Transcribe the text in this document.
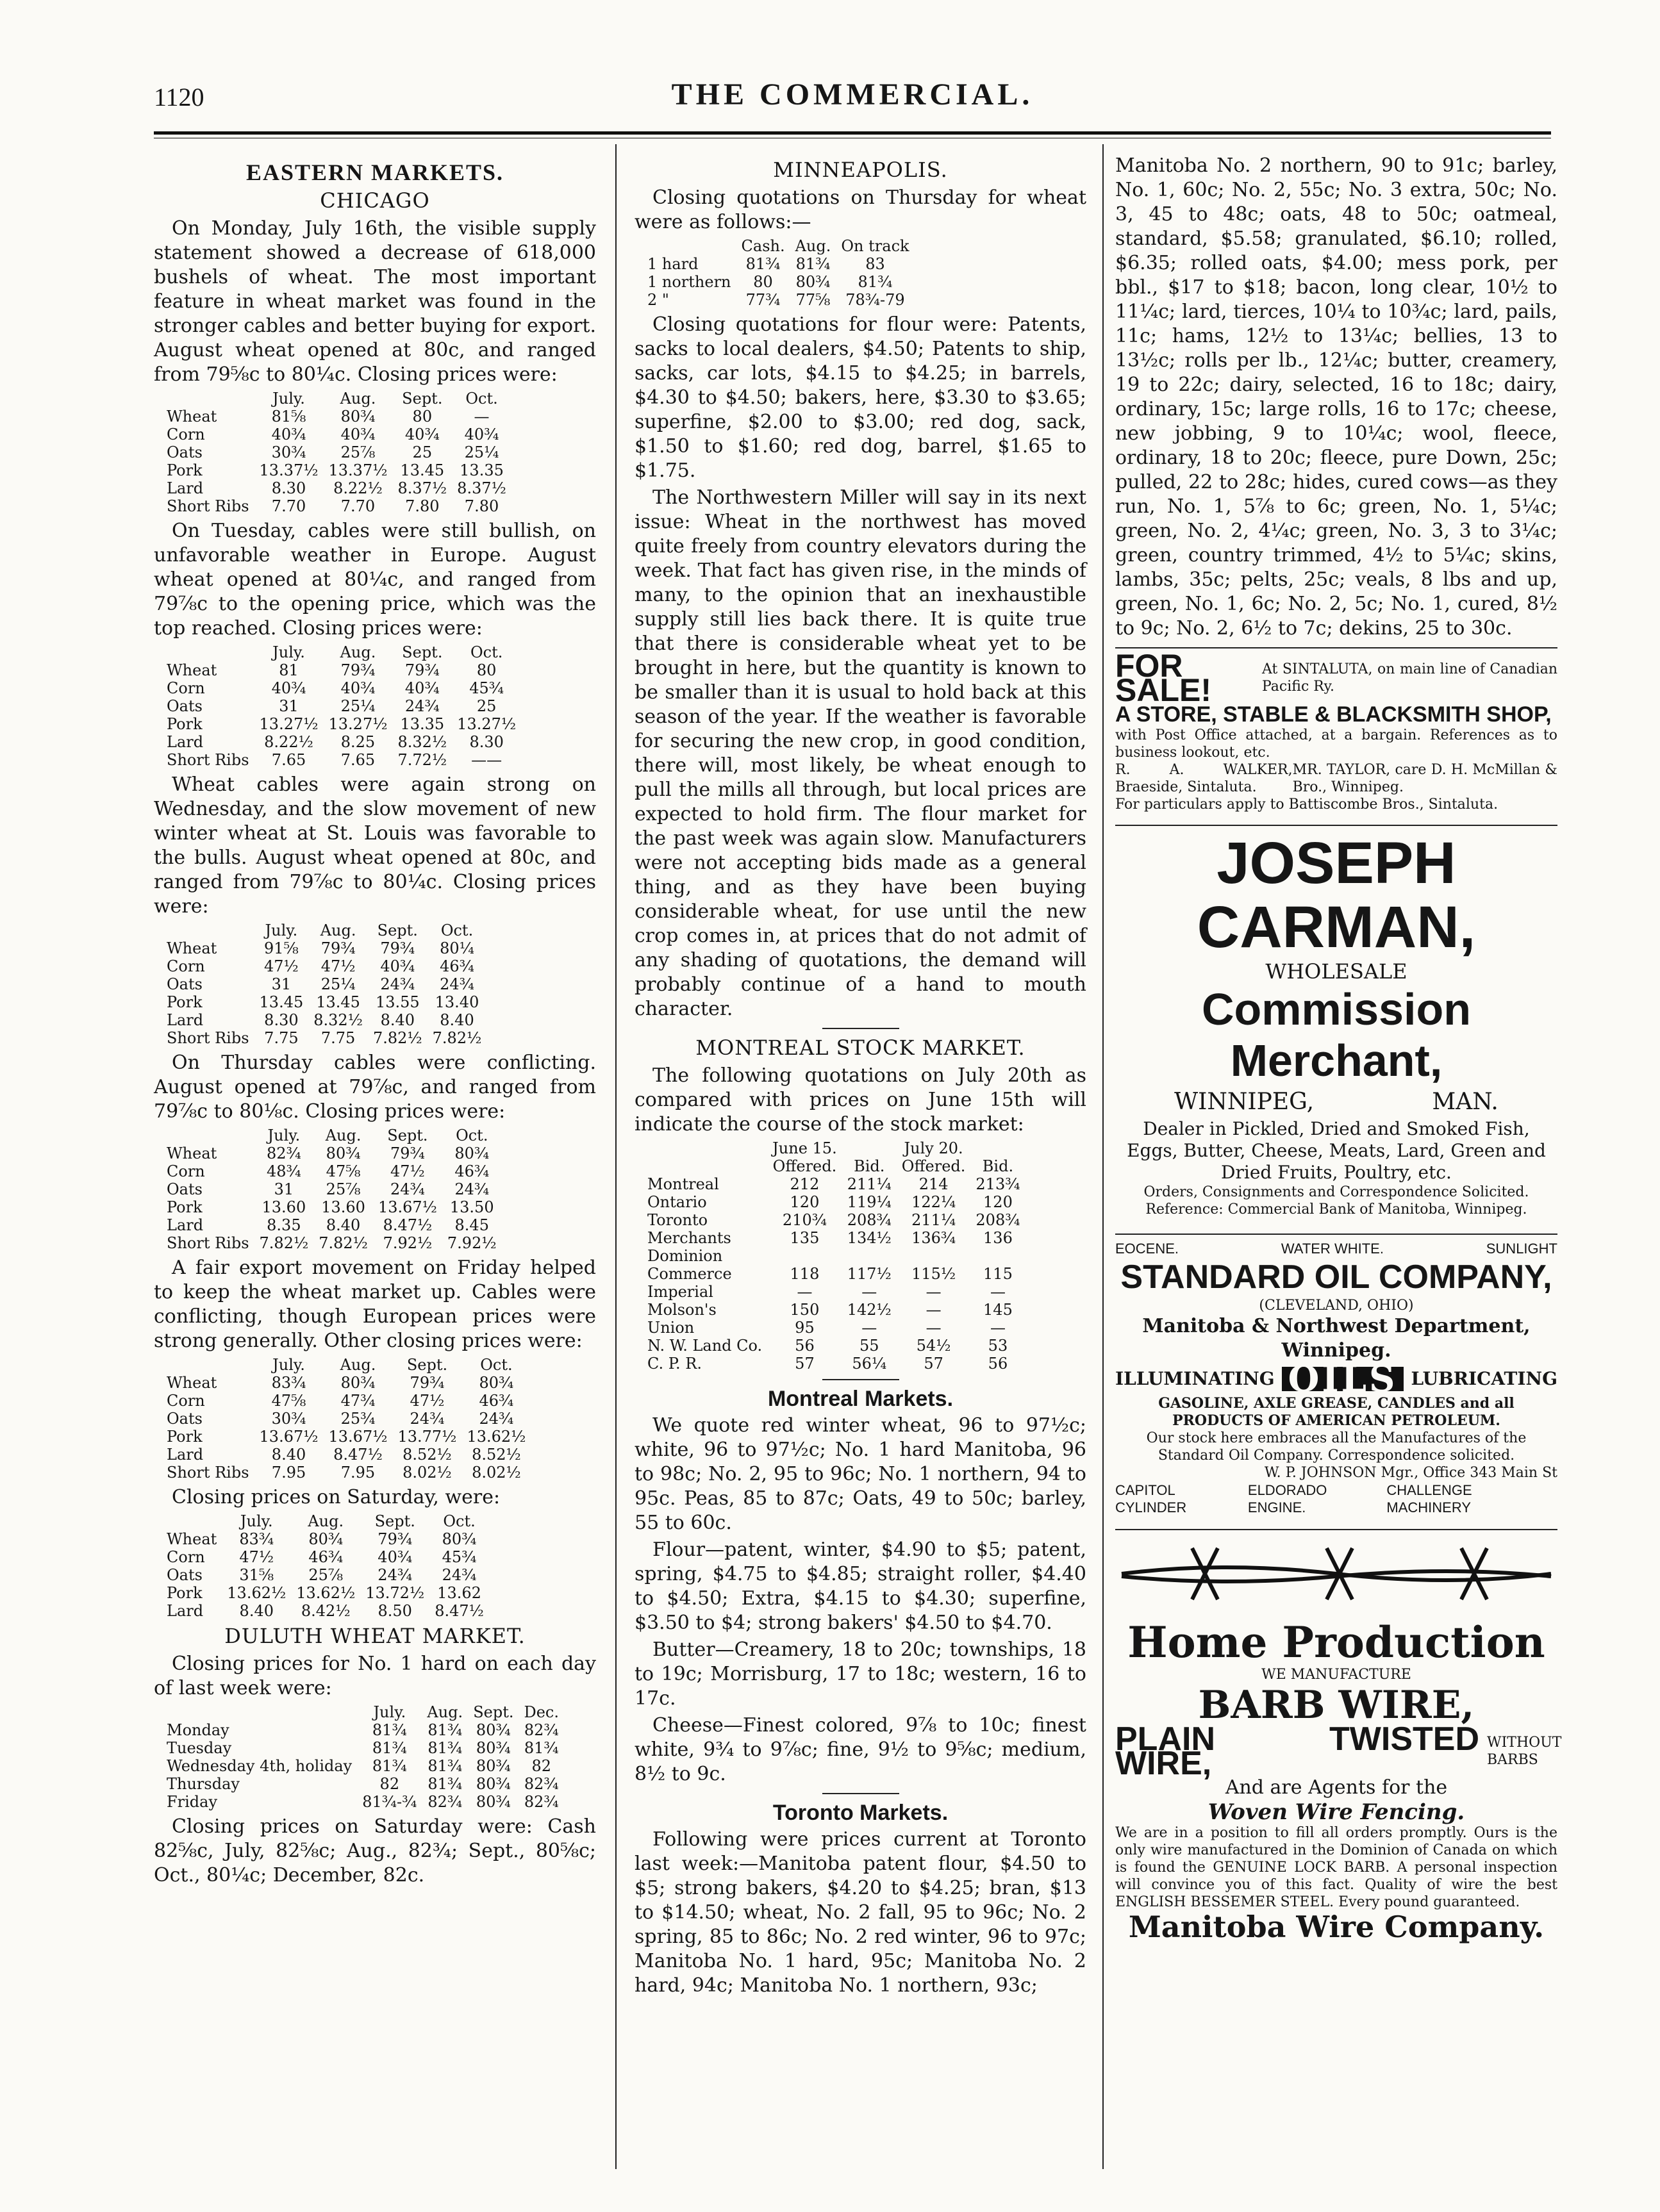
1120	THE COMMERCIAL.
EASTERN MARKETS.
CHICAGO

On Monday, July 16th, the visible supply statement showed a decrease of 618,000 bushels of wheat. The most important feature in wheat market was found in the stronger cables and better buying for export. August wheat opened at 80c, and ranged from 79⅝c to 80¼c. Closing prices were:

	July.	Aug.	Sept.	Oct.
Wheat	81⅝	80¾	80	—
Corn	40¾	40¾	40¾	40¾
Oats	30¾	25⅞	25	25¼
Pork	13.37½	13.37½	13.45	13.35
Lard	8.30	8.22½	8.37½	8.37½
Short Ribs	7.70	7.70	7.80	7.80

On Tuesday, cables were still bullish, on unfavorable weather in Europe. August wheat opened at 80¼c, and ranged from 79⅞c to the opening price, which was the top reached. Closing prices were:

	July.	Aug.	Sept.	Oct.
Wheat	81	79¾	79¾	80
Corn	40¾	40¾	40¾	45¾
Oats	31	25¼	24¾	25
Pork	13.27½	13.27½	13.35	13.27½
Lard	8.22½	8.25	8.32½	8.30
Short Ribs	7.65	7.65	7.72½	——

Wheat cables were again strong on Wednesday, and the slow movement of new winter wheat at St. Louis was favorable to the bulls. August wheat opened at 80c, and ranged from 79⅞c to 80¼c. Closing prices were:

	July.	Aug.	Sept.	Oct.
Wheat	91⅝	79¾	79¾	80¼
Corn	47½	47½	40¾	46¾
Oats	31	25¼	24¾	24¾
Pork	13.45	13.45	13.55	13.40
Lard	8.30	8.32½	8.40	8.40
Short Ribs	7.75	7.75	7.82½	7.82½

On Thursday cables were conflicting. August opened at 79⅞c, and ranged from 79⅞c to 80⅛c. Closing prices were:

	July.	Aug.	Sept.	Oct.
Wheat	82¾	80¾	79¾	80¾
Corn	48¾	47⅝	47½	46¾
Oats	31	25⅞	24¾	24¾
Pork	13.60	13.60	13.67½	13.50
Lard	8.35	8.40	8.47½	8.45
Short Ribs	7.82½	7.82½	7.92½	7.92½

A fair export movement on Friday helped to keep the wheat market up. Cables were conflicting, though European prices were strong generally. Other closing prices were:

	July.	Aug.	Sept.	Oct.
Wheat	83¾	80¾	79¾	80¾
Corn	47⅝	47¾	47½	46¾
Oats	30¾	25¾	24¾	24¾
Pork	13.67½	13.67½	13.77½	13.62½
Lard	8.40	8.47½	8.52½	8.52½
Short Ribs	7.95	7.95	8.02½	8.02½

Closing prices on Saturday, were:

	July.	Aug.	Sept.	Oct.
Wheat	83¾	80¾	79¾	80¾
Corn	47½	46¾	40¾	45¾
Oats	31⅝	25⅞	24¾	24¾
Pork	13.62½	13.62½	13.72½	13.62
Lard	8.40	8.42½	8.50	8.47½
DULUTH WHEAT MARKET.

Closing prices for No. 1 hard on each day of last week were:

	July.	Aug.	Sept.	Dec.
Monday	81¾	81¾	80¾	82¾
Tuesday	81¾	81¾	80¾	81¾
Wednesday 4th, holiday	81¾	81¾	80¾	82
Thursday	82	81¾	80¾	82¾
Friday	81¾-¾	82¾	80¾	82¾

Closing prices on Saturday were: Cash 82⅝c, July, 82⅝c; Aug., 82¾; Sept., 80⅝c; Oct., 80¼c; December, 82c.

MINNEAPOLIS.

Closing quotations on Thursday for wheat were as follows:—

	Cash.	Aug.	On track
1 hard	81¾	81¾	83
1 northern	80	80¾	81¾
2 "	77¾	77⅝	78¾-79

Closing quotations for flour were: Patents, sacks to local dealers, $4.50; Patents to ship, sacks, car lots, $4.15 to $4.25; in barrels, $4.30 to $4.50; bakers, here, $3.30 to $3.65; superfine, $2.00 to $3.00; red dog, sack, $1.50 to $1.60; red dog, barrel, $1.65 to $1.75.

The Northwestern Miller will say in its next issue: Wheat in the northwest has moved quite freely from country elevators during the week. That fact has given rise, in the minds of many, to the opinion that an inexhaustible supply still lies back there. It is quite true that there is considerable wheat yet to be brought in here, but the quantity is known to be smaller than it is usual to hold back at this season of the year. If the weather is favorable for securing the new crop, in good condition, there will, most likely, be wheat enough to pull the mills all through, but local prices are expected to hold firm. The flour market for the past week was again slow. Manufacturers were not accepting bids made as a general thing, and as they have been buying considerable wheat, for use until the new crop comes in, at prices that do not admit of any shading of quotations, the demand will probably continue of a hand to mouth character.

MONTREAL STOCK MARKET.

The following quotations on July 20th as compared with prices on June 15th will indicate the course of the stock market:

	June 15.		July 20.	
	Offered.	Bid.	Offered.	Bid.
Montreal	212	211¼	214	213¾
Ontario	120	119¼	122¼	120
Toronto	210¾	208¾	211¼	208¾
Merchants	135	134½	136¾	136
Dominion				
Commerce	118	117½	115½	115
Imperial	—	—	—	—
Molson's	150	142½	—	145
Union	95	—	—	—
N. W. Land Co.	56	55	54½	53
C. P. R.	57	56¼	57	56
Montreal Markets.

We quote red winter wheat, 96 to 97½c; white, 96 to 97½c; No. 1 hard Manitoba, 96 to 98c; No. 2, 95 to 96c; No. 1 northern, 94 to 95c. Peas, 85 to 87c; Oats, 49 to 50c; barley, 55 to 60c.

Flour—patent, winter, $4.90 to $5; patent, spring, $4.75 to $4.85; straight roller, $4.40 to $4.50; Extra, $4.15 to $4.30; superfine, $3.50 to $4; strong bakers' $4.50 to $4.70.

Butter—Creamery, 18 to 20c; townships, 18 to 19c; Morrisburg, 17 to 18c; western, 16 to 17c.

Cheese—Finest colored, 9⅞ to 10c; finest white, 9¾ to 9⅞c; fine, 9½ to 9⅝c; medium, 8½ to 9c.

Toronto Markets.

Following were prices current at Toronto last week:—Manitoba patent flour, $4.50 to $5; strong bakers, $4.20 to $4.25; bran, $13 to $14.50; wheat, No. 2 fall, 95 to 96c; No. 2 spring, 85 to 86c; No. 2 red winter, 96 to 97c; Manitoba No. 1 hard, 95c; Manitoba No. 2 hard, 94c; Manitoba No. 1 northern, 93c;

Manitoba No. 2 northern, 90 to 91c; barley, No. 1, 60c; No. 2, 55c; No. 3 extra, 50c; No. 3, 45 to 48c; oats, 48 to 50c; oatmeal, standard, $5.58; granulated, $6.10; rolled, $6.35; rolled oats, $4.00; mess pork, per bbl., $17 to $18; bacon, long clear, 10½ to 11¼c; lard, tierces, 10¼ to 10¾c; lard, pails, 11c; hams, 12½ to 13¼c; bellies, 13 to 13½c; rolls per lb., 12¼c; butter, creamery, 19 to 22c; dairy, selected, 16 to 18c; dairy, ordinary, 15c; large rolls, 16 to 17c; cheese, new jobbing, 9 to 10¼c; wool, fleece, ordinary, 18 to 20c; fleece, pure Down, 25c; pulled, 22 to 28c; hides, cured cows—as they run, No. 1, 5⅞ to 6c; green, No. 1, 5¼c; green, No. 2, 4¼c; green, No. 3, 3 to 3¼c; green, country trimmed, 4½ to 5¼c; skins, lambs, 35c; pelts, 25c; veals, 8 lbs and up, green, No. 1, 6c; No. 2, 5c; No. 1, cured, 8½ to 9c; No. 2, 6½ to 7c; dekins, 25 to 30c.

FOR SALE!
At SINTALUTA, on main line of Canadian Pacific Ry.
A STORE, STABLE & BLACKSMITH SHOP,
with Post Office attached, at a bargain. References as to business lookout, etc.
R. A. WALKER, Braeside, Sintaluta.
MR. TAYLOR, care D. H. McMillan & Bro., Winnipeg.
For particulars apply to Battiscombe Bros., Sintaluta.
JOSEPH CARMAN,
WHOLESALE
Commission Merchant,
WINNIPEG,	MAN.
Dealer in Pickled, Dried and Smoked Fish, Eggs, Butter, Cheese, Meats, Lard, Green and Dried Fruits, Poultry, etc.
Orders, Consignments and Correspondence Solicited. Reference: Commercial Bank of Manitoba, Winnipeg.
EOCENE.	WATER WHITE.	SUNLIGHT
STANDARD OIL COMPANY,
(CLEVELAND, OHIO)
Manitoba & Northwest Department, Winnipeg.
ILLUMINATING OILS LUBRICATING
GASOLINE, AXLE GREASE, CANDLES and all PRODUCTS OF AMERICAN PETROLEUM.
Our stock here embraces all the Manufactures of the Standard Oil Company. Correspondence solicited.
W. P. JOHNSON Mgr., Office 343 Main St
CAPITOL CYLINDER
ELDORADO ENGINE.
CHALLENGE MACHINERY
Home Production
WE MANUFACTURE
BARB WIRE,
PLAIN TWISTED WIRE,
WITHOUT BARBS
And are Agents for the
Woven Wire Fencing.
We are in a position to fill all orders promptly. Ours is the only wire manufactured in the Dominion of Canada on which is found the GENUINE LOCK BARB. A personal inspection will convince you of this fact. Quality of wire the best ENGLISH BESSEMER STEEL. Every pound guaranteed.
Manitoba Wire Company.
